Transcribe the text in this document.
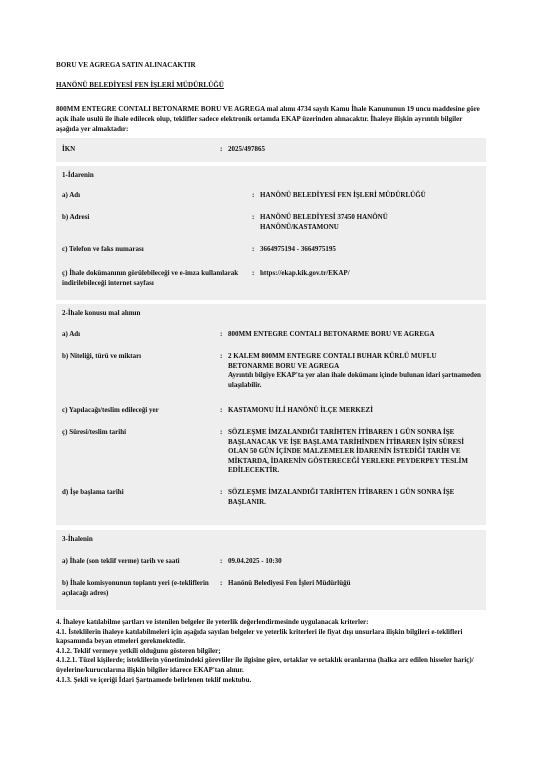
BORU VE AGREGA SATIN ALINACAKTIR
HANÖNÜ BELEDİYESİ FEN İŞLERİ MÜDÜRLÜĞÜ
800MM ENTEGRE CONTALI BETONARME BORU VE AGREGA mal alımı 4734 sayılı Kamu İhale Kanununun 19 uncu maddesine göre açık ihale usulü ile ihale edilecek olup, teklifler sadece elektronik ortamda EKAP üzerinden alınacaktır. İhaleye ilişkin ayrıntılı bilgiler aşağıda yer almaktadır:
İKN	: 2025/497865
1-İdarenin
a) Adı	: HANÖNÜ BELEDİYESİ FEN İŞLERİ MÜDÜRLÜĞÜ
b) Adresi	: HANÖNÜ BELEDİYESİ 37450 HANÖNÜ
HANÖNÜ/KASTAMONU
c) Telefon ve faks numarası	: 3664975194 - 3664975195
ç) İhale dokümanının görülebileceği ve e-imza kullanılarak indirilebileceği internet sayfası
: https://ekap.kik.gov.tr/EKAP/
2-İhale konusu mal alımın
a) Adı	: 800MM ENTEGRE CONTALI BETONARME BORU VE AGREGA
b) Niteliği, türü ve miktarı	: 2 KALEM 800MM ENTEGRE CONTALI BUHAR KÜRLÜ MUFLU BETONARME BORU VE AGREGA
Ayrıntılı bilgiye EKAP'ta yer alan ihale dokümanı içinde bulunan idari şartnameden ulaşılabilir.
c) Yapılacağı/teslim edileceği yer	: KASTAMONU İLİ HANÖNÜ İLÇE MERKEZİ
ç) Süresi/teslim tarihi	: SÖZLEŞME İMZALANDIĞI TARİHTEN İTİBAREN 1 GÜN SONRA İŞE BAŞLANACAK VE İŞE BAŞLAMA TARİHİNDEN İTİBAREN İŞİN SÜRESİ OLAN 50 GÜN İÇİNDE MALZEMELER İDARENİN İSTEDİĞİ TARİH VE MİKTARDA, İDARENİN GÖSTERECEĞİ YERLERE PEYDERPEY TESLİM EDİLECEKTİR.
d) İşe başlama tarihi	: SÖZLEŞME İMZALANDIĞI TARİHTEN İTİBAREN 1 GÜN SONRA İŞE BAŞLANIR.
3-İhalenin
a) İhale (son teklif verme) tarih ve saati	: 09.04.2025 - 10:30
b) İhale komisyonunun toplantı yeri (e-tekliflerin açılacağı adres)
: Hanönü Belediyesi Fen İşleri Müdürlüğü
4. İhaleye katılabilme şartları ve istenilen belgeler ile yeterlik değerlendirmesinde uygulanacak kriterler:
4.1. İsteklilerin ihaleye katılabilmeleri için aşağıda sayılan belgeler ve yeterlik kriterleri ile fiyat dışı unsurlara ilişkin bilgileri e-teklifleri kapsamında beyan etmeleri gerekmektedir.
4.1.2. Teklif vermeye yetkili olduğunu gösteren bilgiler;
4.1.2.1. Tüzel kişilerde; isteklilerin yönetimindeki görevliler ile ilgisine göre, ortaklar ve ortaklık oranlarına (halka arz edilen hisseler hariç)/üyelerine/kurucularına ilişkin bilgiler idarece EKAP'tan alınır.
4.1.3. Şekli ve içeriği İdari Şartnamede belirlenen teklif mektubu.
